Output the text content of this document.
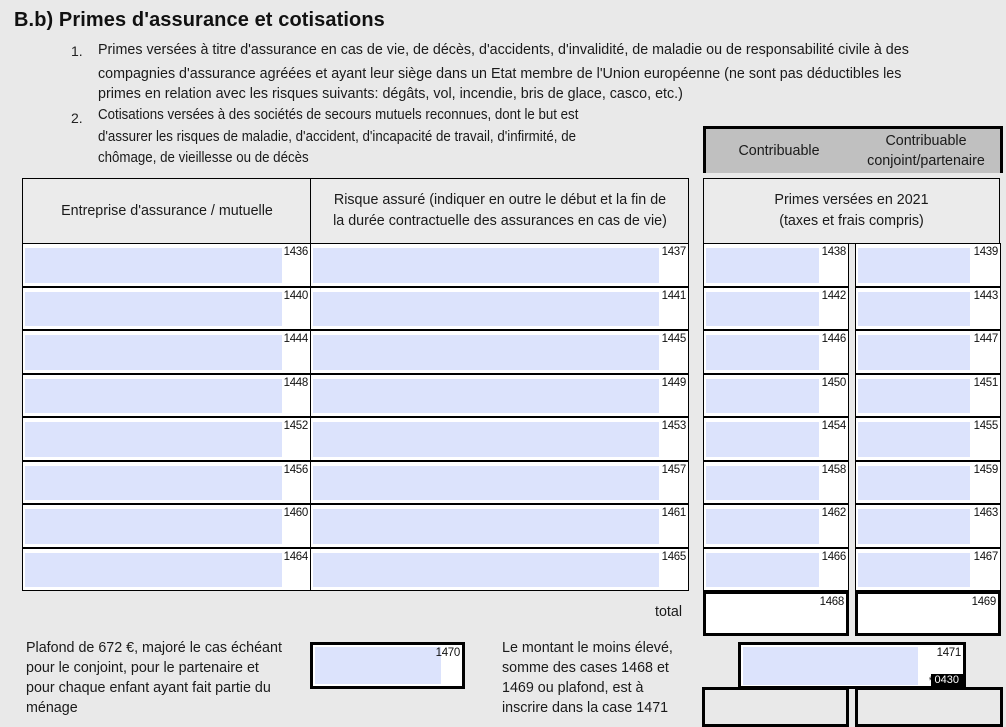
B.b) Primes d'assurance et cotisations
1. Primes versées à titre d'assurance en cas de vie, de décès, d'accidents, d'invalidité, de maladie ou de responsabilité civile à des
compagnies d'assurance agréées et ayant leur siège dans un Etat membre de l'Union européenne (ne sont pas déductibles les
primes en relation avec les risques suivants: dégâts, vol, incendie, bris de glace, casco, etc.)
2. Cotisations versées à des sociétés de secours mutuels reconnues, dont le but est
d'assurer les risques de maladie, d'accident, d'incapacité de travail, d'infirmité, de
chômage, de vieillesse ou de décès	Contribuable
Contribuable
conjoint/partenaire
Entreprise d'assurance / mutuelle
Risque assuré (indiquer en outre le début et la fin de
la durée contractuelle des assurances en cas de vie)
Primes versées en 2021
(taxes et frais compris)
1436	1437	1438	1439
1440	1441	1442	1443
1444	1445	1446	1447
1448	1449	1450	1451
1452	1453	1454	1455
1456	1457	1458	1459
1460	1461	1462	1463
1464	1465	1466	1467
total
1468	1469
Plafond de 672 €, majoré le cas échéant
pour le conjoint, pour le partenaire et
pour chaque enfant ayant fait partie du
ménage
1470	Le montant le moins élevé,
somme des cases 1468 et
1469 ou plafond, est à
inscrire dans la case 1471
1471
0430
